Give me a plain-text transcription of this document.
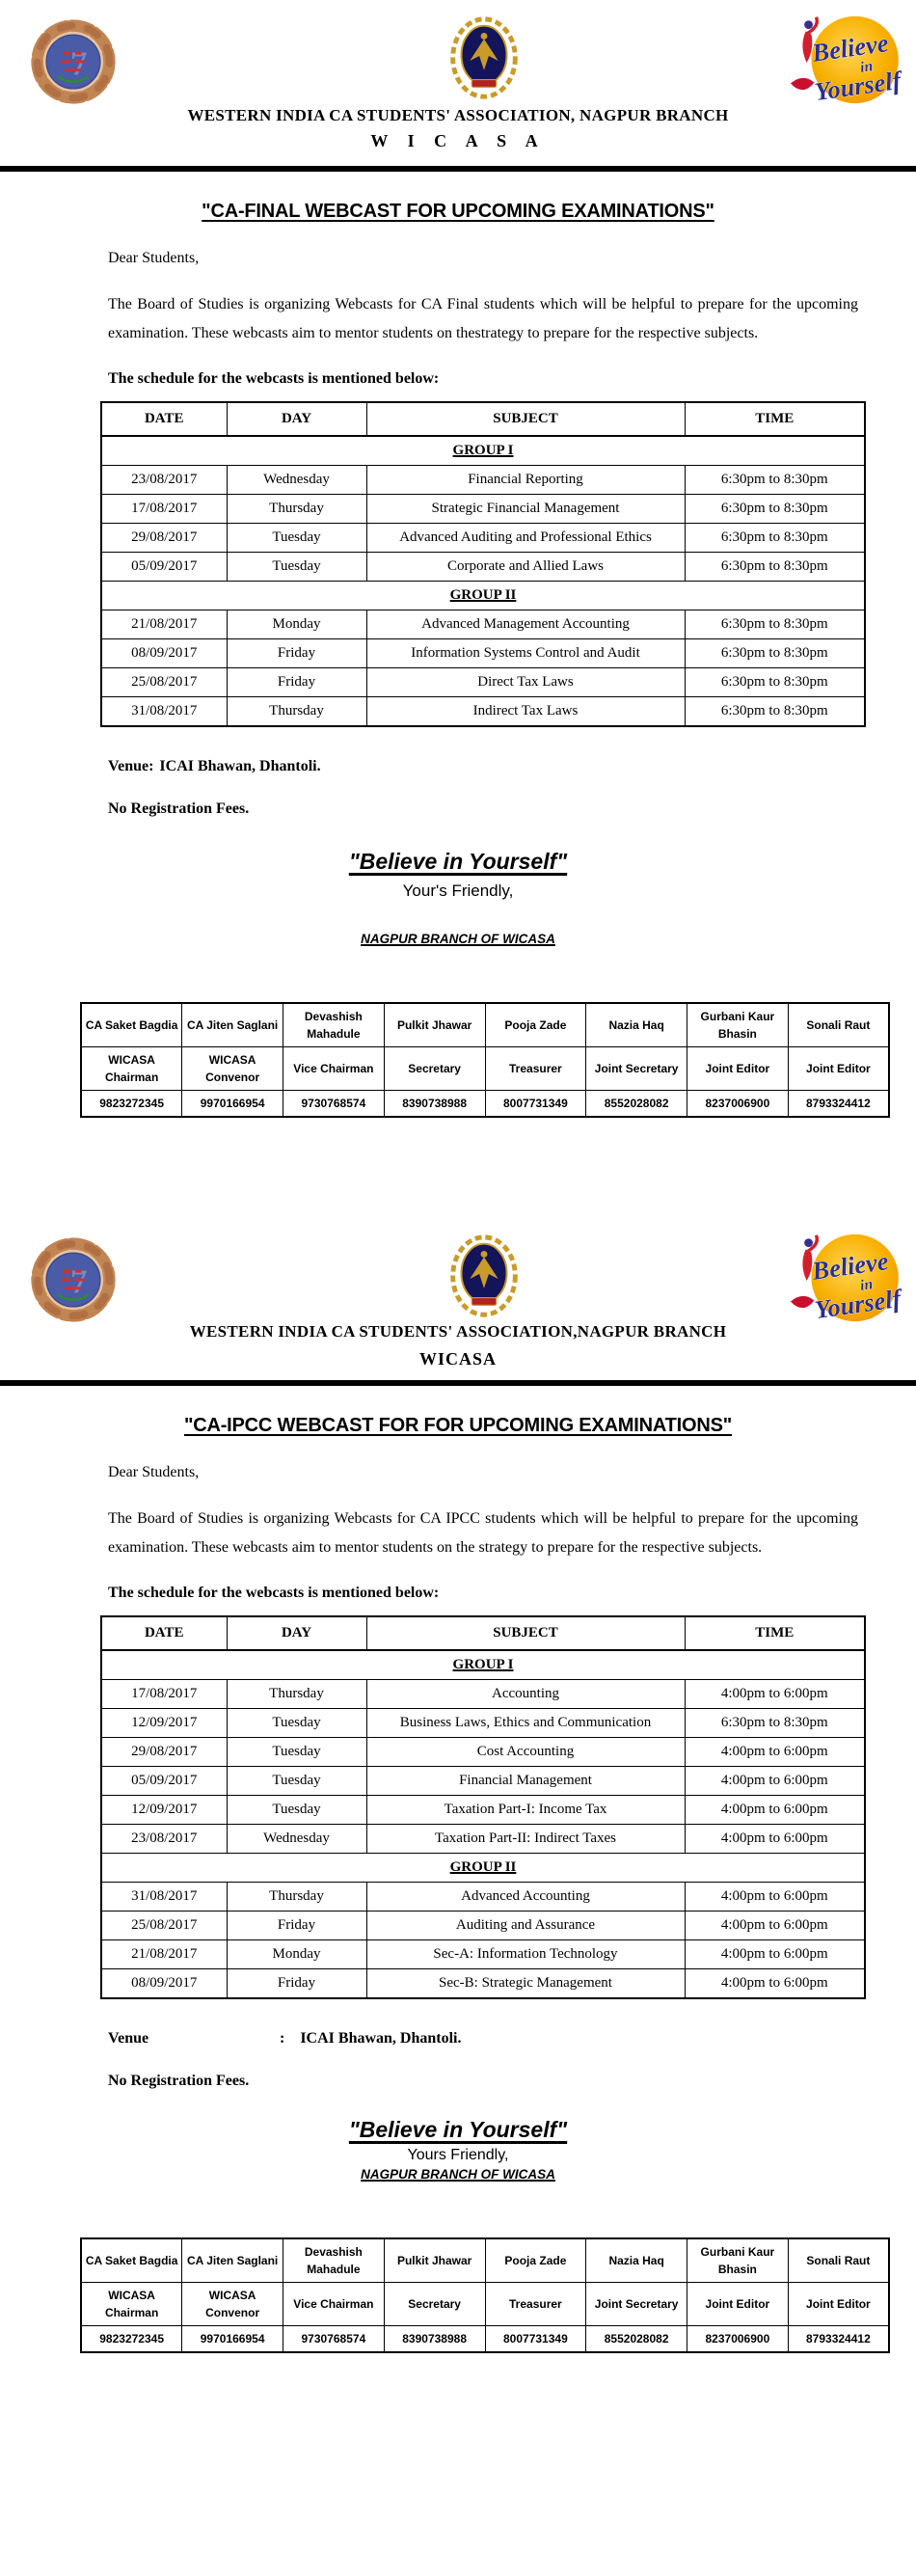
WESTERN INDIA CA STUDENTS' ASSOCIATION, NAGPUR BRANCH
W I C A S A
"CA-FINAL WEBCAST FOR UPCOMING EXAMINATIONS"

Dear Students,

The Board of Studies is organizing Webcasts for CA Final students which will be helpful to prepare for the upcoming examination. These webcasts aim to mentor students on thestrategy to prepare for the respective subjects.

The schedule for the webcasts is mentioned below:

DATE	DAY	SUBJECT	TIME
GROUP I			
23/08/2017	Wednesday	Financial Reporting	6:30pm to 8:30pm
17/08/2017	Thursday	Strategic Financial Management	6:30pm to 8:30pm
29/08/2017	Tuesday	Advanced Auditing and Professional Ethics	6:30pm to 8:30pm
05/09/2017	Tuesday	Corporate and Allied Laws	6:30pm to 8:30pm
GROUP II			
21/08/2017	Monday	Advanced Management Accounting	6:30pm to 8:30pm
08/09/2017	Friday	Information Systems Control and Audit	6:30pm to 8:30pm
25/08/2017	Friday	Direct Tax Laws	6:30pm to 8:30pm
31/08/2017	Thursday	Indirect Tax Laws	6:30pm to 8:30pm

Venue: ICAI Bhawan, Dhantoli.

No Registration Fees.

"Believe in Yourself"
Your's Friendly,
NAGPUR BRANCH OF WICASA
CA Saket Bagdia	CA Jiten Saglani	Devashish Mahadule	Pulkit Jhawar	Pooja Zade	Nazia Haq	Gurbani Kaur Bhasin	Sonali Raut
WICASA Chairman	WICASA Convenor	Vice Chairman	Secretary	Treasurer	Joint Secretary	Joint Editor	Joint Editor
9823272345	9970166954	9730768574	8390738988	8007731349	8552028082	8237006900	8793324412
WESTERN INDIA CA STUDENTS' ASSOCIATION,NAGPUR BRANCH
WICASA
"CA-IPCC WEBCAST FOR FOR UPCOMING EXAMINATIONS"

Dear Students,

The Board of Studies is organizing Webcasts for CA IPCC students which will be helpful to prepare for the upcoming examination. These webcasts aim to mentor students on the strategy to prepare for the respective subjects.

The schedule for the webcasts is mentioned below:

DATE	DAY	SUBJECT	TIME
GROUP I			
17/08/2017	Thursday	Accounting	4:00pm to 6:00pm
12/09/2017	Tuesday	Business Laws, Ethics and Communication	6:30pm to 8:30pm
29/08/2017	Tuesday	Cost Accounting	4:00pm to 6:00pm
05/09/2017	Tuesday	Financial Management	4:00pm to 6:00pm
12/09/2017	Tuesday	Taxation Part-I: Income Tax	4:00pm to 6:00pm
23/08/2017	Wednesday	Taxation Part-II: Indirect Taxes	4:00pm to 6:00pm
GROUP II			
31/08/2017	Thursday	Advanced Accounting	4:00pm to 6:00pm
25/08/2017	Friday	Auditing and Assurance	4:00pm to 6:00pm
21/08/2017	Monday	Sec-A: Information Technology	4:00pm to 6:00pm
08/09/2017	Friday	Sec-B: Strategic Management	4:00pm to 6:00pm

Venue	: ICAI Bhawan, Dhantoli.

No Registration Fees.

"Believe in Yourself"
Yours Friendly,
NAGPUR BRANCH OF WICASA
CA Saket Bagdia	CA Jiten Saglani	Devashish Mahadule	Pulkit Jhawar	Pooja Zade	Nazia Haq	Gurbani Kaur Bhasin	Sonali Raut
WICASA Chairman	WICASA Convenor	Vice Chairman	Secretary	Treasurer	Joint Secretary	Joint Editor	Joint Editor
9823272345	9970166954	9730768574	8390738988	8007731349	8552028082	8237006900	8793324412
